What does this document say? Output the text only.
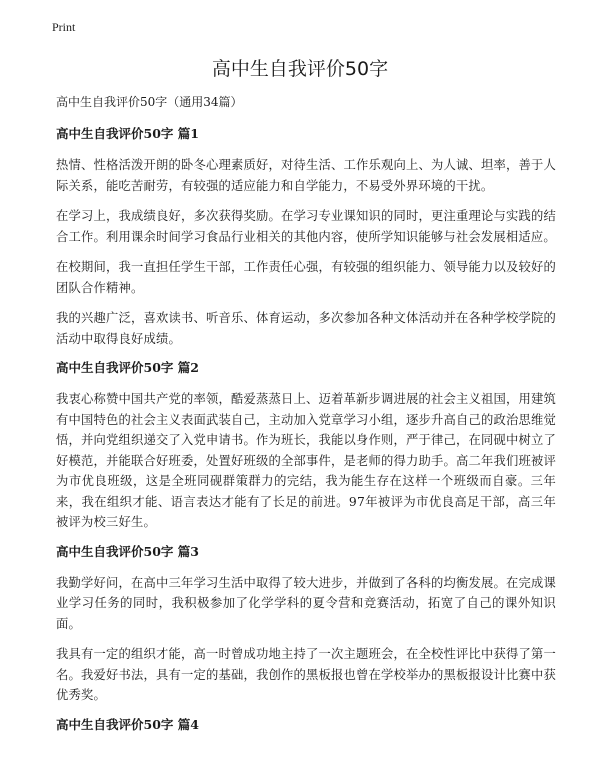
Print
高中生自我评价50字

高中生自我评价50字（通用34篇）

高中生自我评价50字 篇1

热情、性格活泼开朗的卧冬心理素质好，对待生活、工作乐观向上、为人诚、坦率，善于人际关系，能吃苦耐劳，有较强的适应能力和自学能力，不易受外界环境的干扰。

在学习上，我成绩良好，多次获得奖励。在学习专业课知识的同时，更注重理论与实践的结合工作。利用课余时间学习食品行业相关的其他内容，使所学知识能够与社会发展相适应。

在校期间，我一直担任学生干部，工作责任心强，有较强的组织能力、领导能力以及较好的团队合作精神。

我的兴趣广泛，喜欢读书、听音乐、体育运动，多次参加各种文体活动并在各种学校学院的活动中取得良好成绩。

高中生自我评价50字 篇2

我衷心称赞中国共产党的率领，酷爱蒸蒸日上、迈着革新步调进展的社会主义祖国，用建筑有中国特色的社会主义表面武装自己，主动加入党章学习小组，逐步升高自己的政治思维觉悟，并向党组织递交了入党申请书。作为班长，我能以身作则，严于律己，在同砚中树立了好模范，并能联合好班委，处置好班级的全部事件，是老师的得力助手。高二年我们班被评为市优良班级，这是全班同砚群策群力的完结，我为能生存在这样一个班级而自豪。三年来，我在组织才能、语言表达才能有了长足的前进。97年被评为市优良高足干部，高三年被评为校三好生。

高中生自我评价50字 篇3

我勤学好问，在高中三年学习生活中取得了较大进步，并做到了各科的均衡发展。在完成课业学习任务的同时，我积极参加了化学学科的夏令营和竞赛活动，拓宽了自己的课外知识面。

我具有一定的组织才能，高一时曾成功地主持了一次主题班会，在全校性评比中获得了第一名。我爱好书法，具有一定的基础，我创作的黑板报也曾在学校举办的黑板报设计比赛中获优秀奖。

高中生自我评价50字 篇4
